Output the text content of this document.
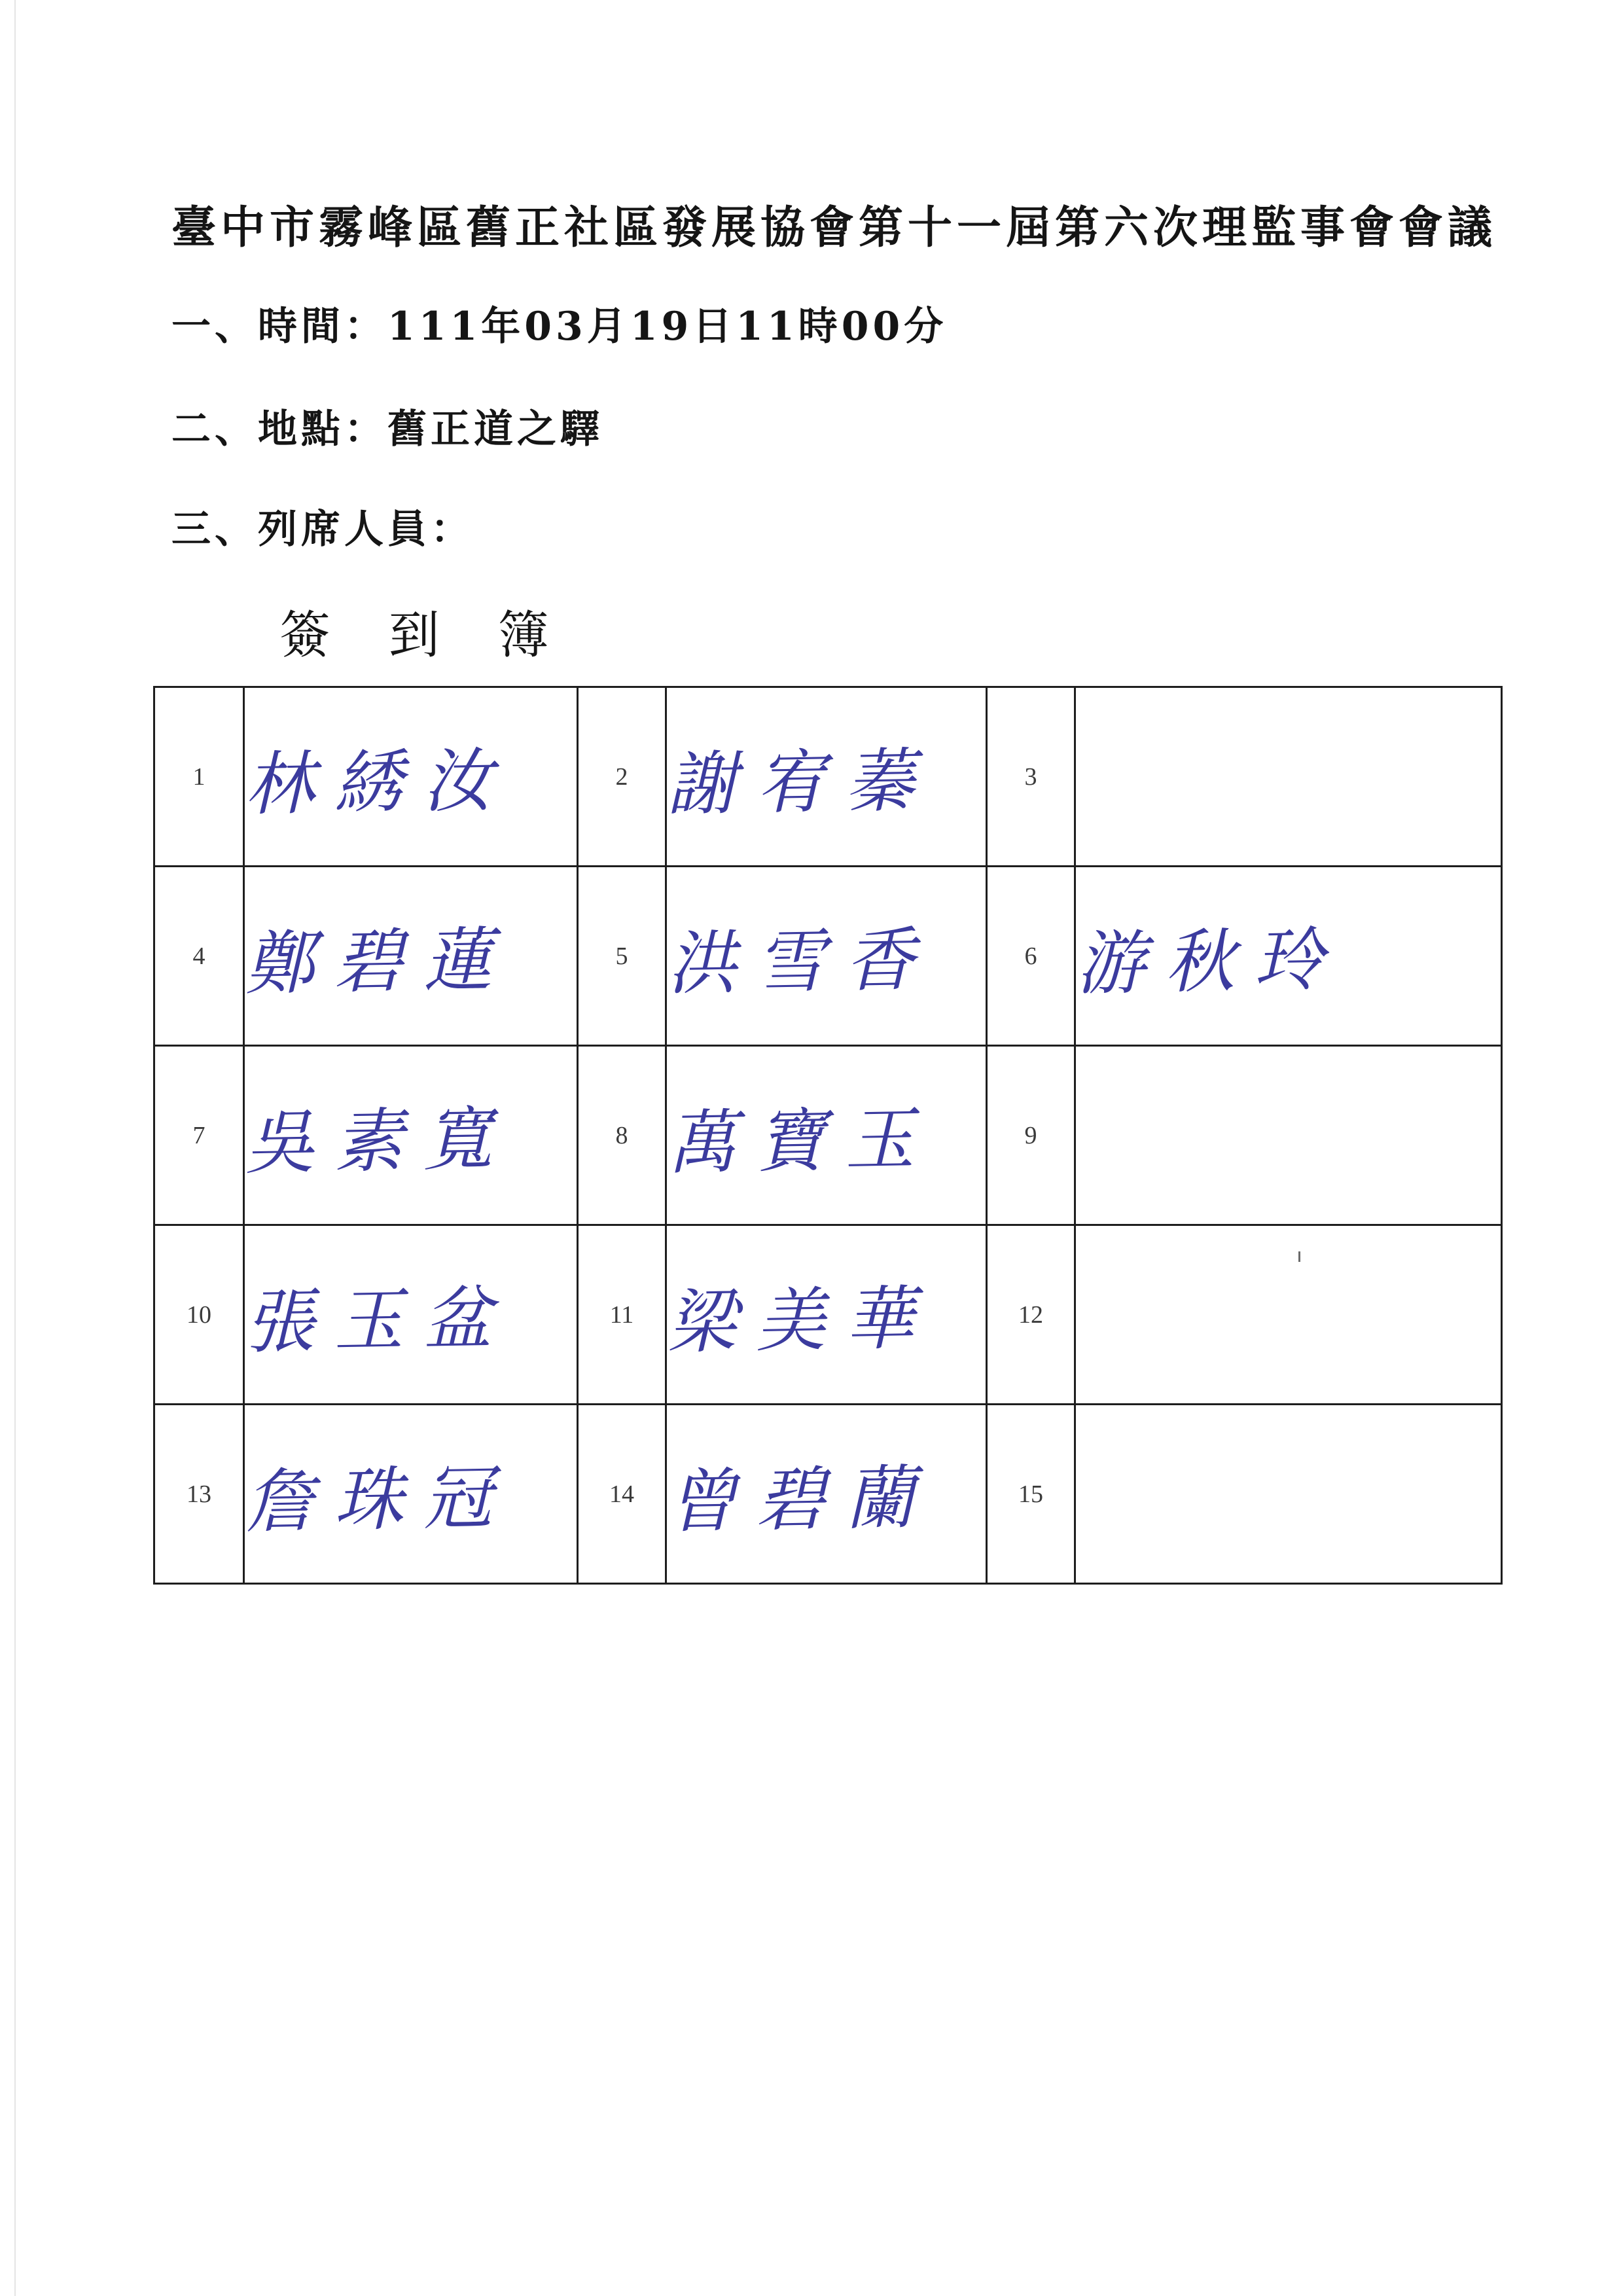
臺中市霧峰區舊正社區發展協會第十一屆第六次理監事會會議
一、時間：111年03月19日11時00分
二、地點：舊正道之驛
三、列席人員：
簽 到 簿
1	林綉汝	2	謝宥蓁	3	
4	鄭碧蓮	5	洪雪香	6	游秋玲
7	吳素寬	8	萬寶玉	9	
10	張玉盆	11	梁美華	12	
13	詹珠冠	14	曾碧蘭	15	
